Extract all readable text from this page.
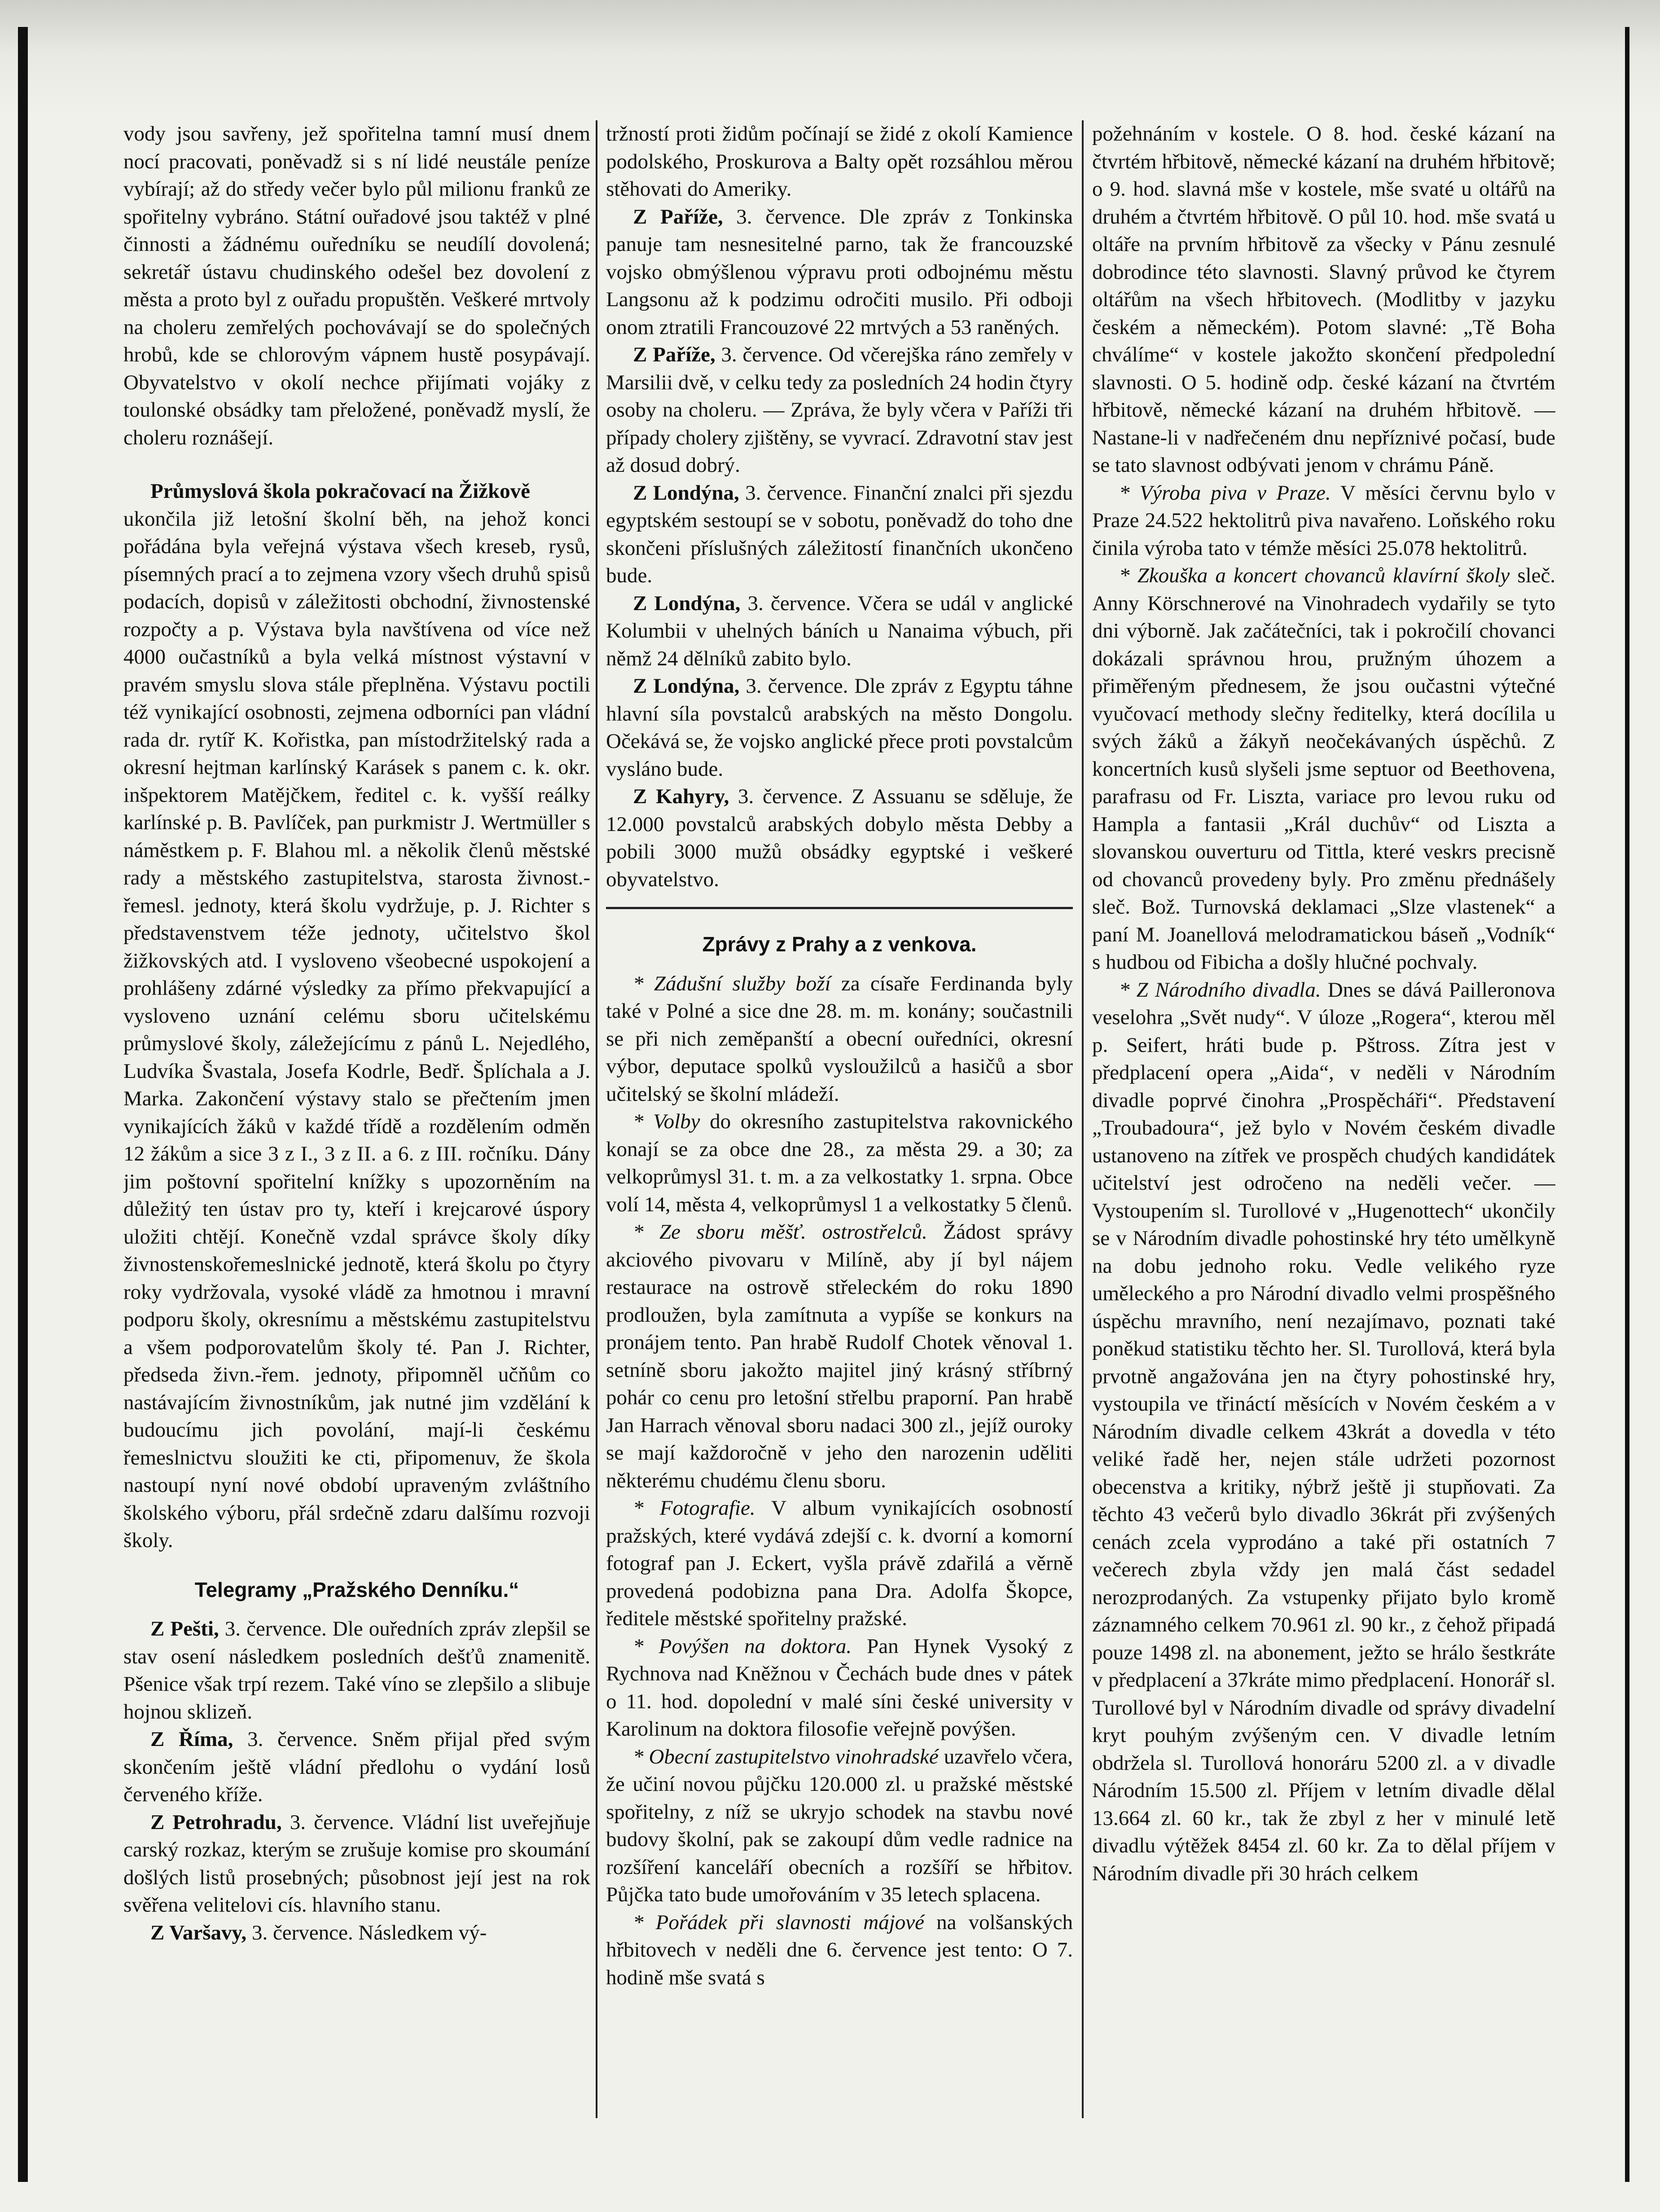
vody jsou savřeny, jež spořitelna tamní musí dnem nocí pracovati, poněvadž si s ní lidé neustále peníze vybírají; až do středy večer bylo půl milionu franků ze spořitelny vybráno. Státní ouřadové jsou taktéž v plné činnosti a žádnému ouředníku se neudílí dovolená; sekretář ústavu chudinského odešel bez dovolení z města a proto byl z ouřadu propuštěn. Veškeré mrtvoly na choleru zemřelých pochovávají se do společných hrobů, kde se chlorovým vápnem hustě posypávají. Obyvatelstvo v okolí nechce přijímati vojáky z toulonské obsádky tam přeložené, poněvadž myslí, že choleru roznášejí.

Průmyslová škola pokračovací na Žižkově

ukončila již letošní školní běh, na jehož konci pořádána byla veřejná výstava všech kreseb, rysů, písemných prací a to zejmena vzory všech druhů spisů podacích, dopisů v záležitosti obchodní, živnostenské rozpočty a p. Výstava byla navštívena od více než 4000 oučastníků a byla velká místnost výstavní v pravém smyslu slova stále přeplněna. Výstavu poctili též vynikající osobnosti, zejmena odborníci pan vládní rada dr. rytíř K. Kořistka, pan místodržitelský rada a okresní hejtman karlínský Karásek s panem c. k. okr. inšpektorem Matějčkem, ředitel c. k. vyšší reálky karlínské p. B. Pavlíček, pan purkmistr J. Wertmüller s náměstkem p. F. Blahou ml. a několik členů městské rady a městského zastupitelstva, starosta živnost.-řemesl. jednoty, která školu vydržuje, p. J. Richter s představenstvem téže jednoty, učitelstvo škol žižkovských atd. I vysloveno všeobecné uspokojení a prohlášeny zdárné výsledky za přímo překvapující a vysloveno uznání celému sboru učitelskému průmyslové školy, záležejícímu z pánů L. Nejedlého, Ludvíka Švastala, Josefa Kodrle, Bedř. Šplíchala a J. Marka. Zakončení výstavy stalo se přečtením jmen vynikajících žáků v každé třídě a rozdělením odměn 12 žákům a sice 3 z I., 3 z II. a 6. z III. ročníku. Dány jim poštovní spořitelní knížky s upozorněním na důležitý ten ústav pro ty, kteří i krejcarové úspory uložiti chtějí. Konečně vzdal správce školy díky živnostenskořemeslnické jednotě, která školu po čtyry roky vydržovala, vysoké vládě za hmotnou i mravní podporu školy, okresnímu a městskému zastupitelstvu a všem podporovatelům školy té. Pan J. Richter, předseda živn.-řem. jednoty, připomněl učňům co nastávajícím živnostníkům, jak nutné jim vzdělání k budoucímu jich povolání, mají-li českému řemeslnictvu sloužiti ke cti, připomenuv, že škola nastoupí nyní nové období upraveným zvláštního školského výboru, přál srdečně zdaru dalšímu rozvoji školy.

Telegramy „Pražského Denníku.“

Z Pešti, 3. července. Dle ouředních zpráv zlepšil se stav osení následkem posledních dešťů znamenitě. Pšenice však trpí rezem. Také víno se zlepšilo a slibuje hojnou sklizeň.

Z Říma, 3. července. Sněm přijal před svým skončením ještě vládní předlohu o vydání losů červeného kříže.

Z Petrohradu, 3. července. Vládní list uveřejňuje carský rozkaz, kterým se zrušuje komise pro skoumání došlých listů prosebných; působnost její jest na rok svěřena velitelovi cís. hlavního stanu.

Z Varšavy, 3. července. Následkem vý-

tržností proti židům počínají se židé z okolí Kamience podolského, Proskurova a Balty opět rozsáhlou měrou stěhovati do Ameriky.

Z Paříže, 3. července. Dle zpráv z Tonkinska panuje tam nesnesitelné parno, tak že francouzské vojsko obmýšlenou výpravu proti odbojnému městu Langsonu až k podzimu odročiti musilo. Při odboji onom ztratili Francouzové 22 mrtvých a 53 raněných.

Z Paříže, 3. července. Od včerejška ráno zemřely v Marsilii dvě, v celku tedy za posledních 24 hodin čtyry osoby na choleru. — Zpráva, že byly včera v Paříži tři případy cholery zjištěny, se vyvrací. Zdravotní stav jest až dosud dobrý.

Z Londýna, 3. července. Finanční znalci při sjezdu egyptském sestoupí se v sobotu, poněvadž do toho dne skončeni příslušných záležitostí finančních ukončeno bude.

Z Londýna, 3. července. Včera se udál v anglické Kolumbii v uhelných báních u Nanaima výbuch, při němž 24 dělníků zabito bylo.

Z Londýna, 3. července. Dle zpráv z Egyptu táhne hlavní síla povstalců arabských na město Dongolu. Očekává se, že vojsko anglické přece proti povstalcům vysláno bude.

Z Kahyry, 3. července. Z Assuanu se sděluje, že 12.000 povstalců arabských dobylo města Debby a pobili 3000 mužů obsádky egyptské i veškeré obyvatelstvo.

Zprávy z Prahy a z venkova.

* Zádušní služby boží za císaře Ferdinanda byly také v Polné a sice dne 28. m. m. konány; součastnili se při nich zeměpanští a obecní ouředníci, okresní výbor, deputace spolků vysloužilců a hasičů a sbor učitelský se školní mládeží.

* Volby do okresního zastupitelstva rakovnického konají se za obce dne 28., za města 29. a 30; za velkoprůmysl 31. t. m. a za velkostatky 1. srpna. Obce volí 14, města 4, velkoprůmysl 1 a velkostatky 5 členů.

* Ze sboru měšť. ostrostřelců. Žádost správy akciového pivovaru v Milíně, aby jí byl nájem restaurace na ostrově střeleckém do roku 1890 prodloužen, byla zamítnuta a vypíše se konkurs na pronájem tento. Pan hrabě Rudolf Chotek věnoval 1. setníně sboru jakožto majitel jiný krásný stříbrný pohár co cenu pro letošní střelbu praporní. Pan hrabě Jan Harrach věnoval sboru nadaci 300 zl., jejíž ouroky se mají každoročně v jeho den narozenin uděliti některému chudému členu sboru.

* Fotografie. V album vynikajících osobností pražských, které vydává zdejší c. k. dvorní a komorní fotograf pan J. Eckert, vyšla právě zdařilá a věrně provedená podobizna pana Dra. Adolfa Škopce, ředitele městské spořitelny pražské.

* Povýšen na doktora. Pan Hynek Vysoký z Rychnova nad Kněžnou v Čechách bude dnes v pátek o 11. hod. dopolední v malé síni české university v Karolinum na doktora filosofie veřejně povýšen.

* Obecní zastupitelstvo vinohradské uzavřelo včera, že učiní novou půjčku 120.000 zl. u pražské městské spořitelny, z níž se ukryjo schodek na stavbu nové budovy školní, pak se zakoupí dům vedle radnice na rozšíření kanceláří obecních a rozšíří se hřbitov. Půjčka tato bude umořováním v 35 letech splacena.

* Pořádek při slavnosti májové na volšanských hřbitovech v neděli dne 6. července jest tento: O 7. hodině mše svatá s

požehnáním v kostele. O 8. hod. české kázaní na čtvrtém hřbitově, německé kázaní na druhém hřbitově; o 9. hod. slavná mše v kostele, mše svaté u oltářů na druhém a čtvrtém hřbitově. O půl 10. hod. mše svatá u oltáře na prvním hřbitově za všecky v Pánu zesnulé dobrodince této slavnosti. Slavný průvod ke čtyrem oltářům na všech hřbitovech. (Modlitby v jazyku českém a německém). Potom slavné: „Tě Boha chválíme“ v kostele jakožto skončení předpolední slavnosti. O 5. hodině odp. české kázaní na čtvrtém hřbitově, německé kázaní na druhém hřbitově. — Nastane-li v nadřečeném dnu nepříznivé počasí, bude se tato slavnost odbývati jenom v chrámu Páně.

* Výroba piva v Praze. V měsíci červnu bylo v Praze 24.522 hektolitrů piva navařeno. Loňského roku činila výroba tato v témže měsíci 25.078 hektolitrů.

* Zkouška a koncert chovanců klavírní školy sleč. Anny Körschnerové na Vinohradech vydařily se tyto dni výborně. Jak začátečníci, tak i pokročilí chovanci dokázali správnou hrou, pružným úhozem a přiměřeným přednesem, že jsou oučastni výtečné vyučovací methody slečny ředitelky, která docílila u svých žáků a žákyň neočekávaných úspěchů. Z koncertních kusů slyšeli jsme septuor od Beethovena, parafrasu od Fr. Liszta, variace pro levou ruku od Hampla a fantasii „Král duchův“ od Liszta a slovanskou ouverturu od Tittla, které veskrs precisně od chovanců provedeny byly. Pro změnu přednášely sleč. Bož. Turnovská deklamaci „Slze vlastenek“ a paní M. Joanellová melodramatickou báseň „Vodník“ s hudbou od Fibicha a došly hlučné pochvaly.

* Z Národního divadla. Dnes se dává Pailleronova veselohra „Svět nudy“. V úloze „Rogera“, kterou měl p. Seifert, hráti bude p. Pštross. Zítra jest v předplacení opera „Aida“, v neděli v Národním divadle poprvé činohra „Prospěcháři“. Představení „Troubadoura“, jež bylo v Novém českém divadle ustanoveno na zítřek ve prospěch chudých kandidátek učitelství jest odročeno na neděli večer. — Vystoupením sl. Turollové v „Hugenottech“ ukončily se v Národním divadle pohostinské hry této umělkyně na dobu jednoho roku. Vedle velikého ryze uměleckého a pro Národní divadlo velmi prospěšného úspěchu mravního, není nezajímavo, poznati také poněkud statistiku těchto her. Sl. Turollová, která byla prvotně angažována jen na čtyry pohostinské hry, vystoupila ve třináctí měsících v Novém českém a v Národním divadle celkem 43krát a dovedla v této veliké řadě her, nejen stále udržeti pozornost obecenstva a kritiky, nýbrž ještě ji stupňovati. Za těchto 43 večerů bylo divadlo 36krát při zvýšených cenách zcela vyprodáno a také při ostatních 7 večerech zbyla vždy jen malá část sedadel nerozprodaných. Za vstupenky přijato bylo kromě záznamného celkem 70.961 zl. 90 kr., z čehož připadá pouze 1498 zl. na abonement, ježto se hrálo šestkráte v předplacení a 37kráte mimo předplacení. Honorář sl. Turollové byl v Národním divadle od správy divadelní kryt pouhým zvýšeným cen. V divadle letním obdržela sl. Turollová honoráru 5200 zl. a v divadle Národním 15.500 zl. Příjem v letním divadle dělal 13.664 zl. 60 kr., tak že zbyl z her v minulé letě divadlu výtěžek 8454 zl. 60 kr. Za to dělal příjem v Národním divadle při 30 hrách celkem
